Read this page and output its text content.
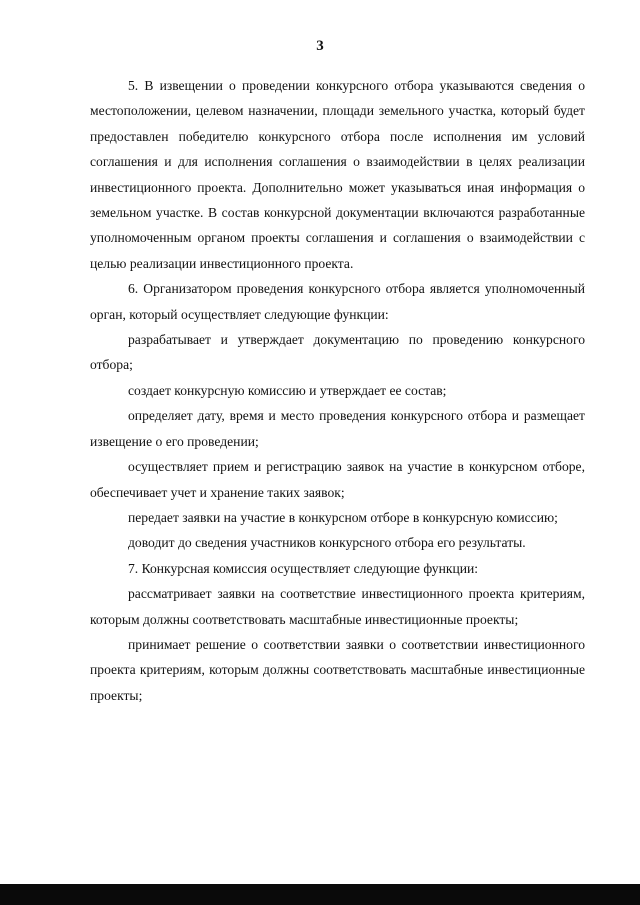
3

5. В извещении о проведении конкурсного отбора указываются сведения о местоположении, целевом назначении, площади земельного участка, который будет предоставлен победителю конкурсного отбора после исполнения им условий соглашения и для исполнения соглашения о взаимодействии в целях реализации инвестиционного проекта. Дополнительно может указываться иная информация о земельном участке. В состав конкурсной документации включаются разработанные уполномоченным органом проекты соглашения и соглашения о взаимодействии с целью реализации инвестиционного проекта.

6. Организатором проведения конкурсного отбора является уполномоченный орган, который осуществляет следующие функции:

разрабатывает и утверждает документацию по проведению конкурсного отбора;

создает конкурсную комиссию и утверждает ее состав;

определяет дату, время и место проведения конкурсного отбора и размещает извещение о его проведении;

осуществляет прием и регистрацию заявок на участие в конкурсном отборе, обеспечивает учет и хранение таких заявок;

передает заявки на участие в конкурсном отборе в конкурсную комиссию;

доводит до сведения участников конкурсного отбора его результаты.

7. Конкурсная комиссия осуществляет следующие функции:

рассматривает заявки на соответствие инвестиционного проекта критериям, которым должны соответствовать масштабные инвестиционные проекты;

принимает решение о соответствии заявки о соответствии инвестиционного проекта критериям, которым должны соответствовать масштабные инвестиционные проекты;
